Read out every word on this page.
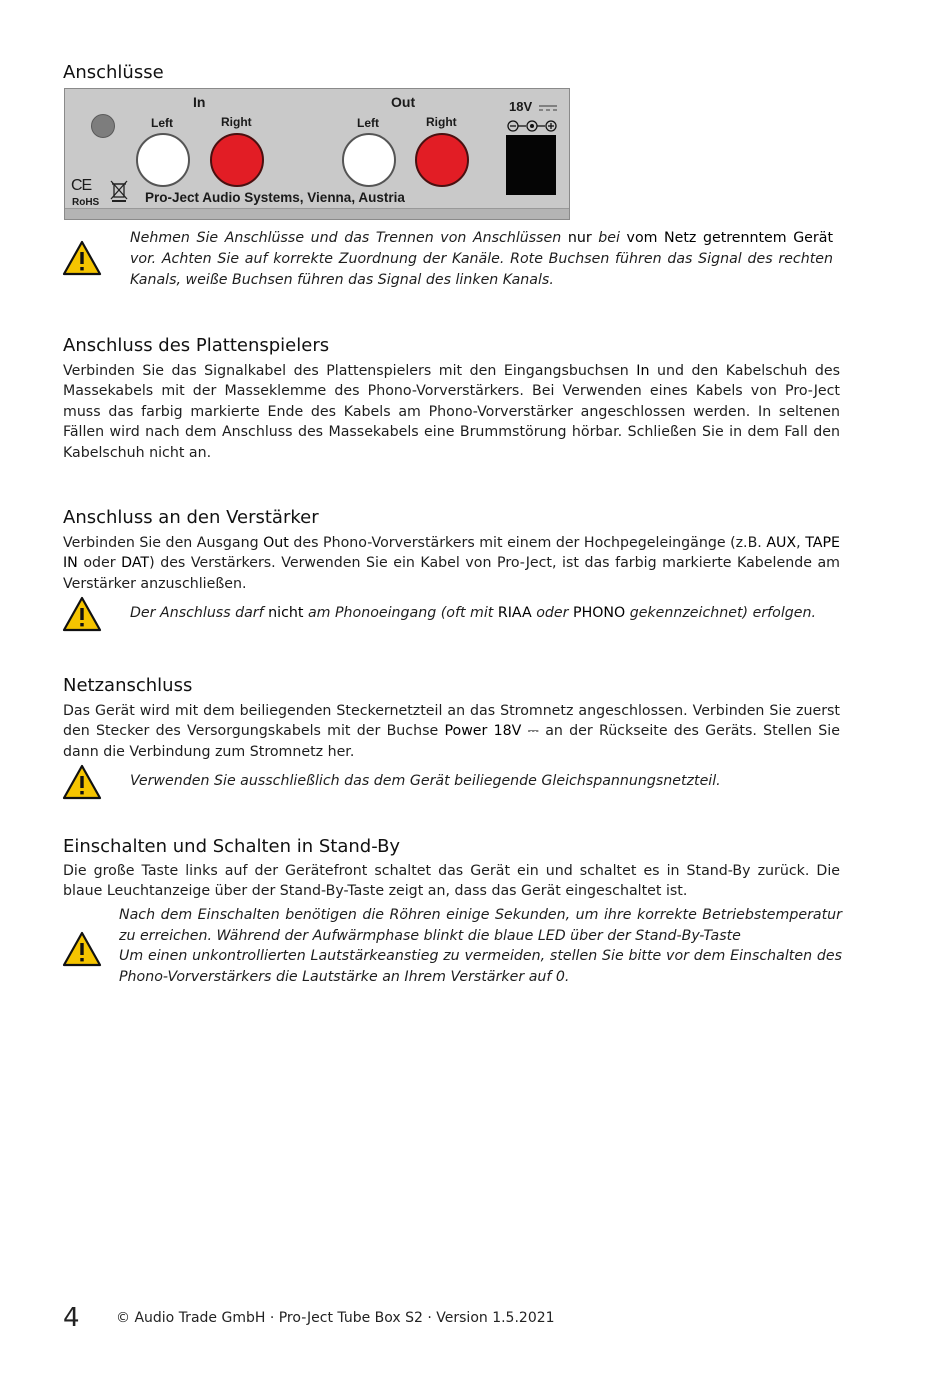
Anschlüsse
In	Out
Left	Right	Left	Right
18V
CE
RoHS	Pro-Ject Audio Systems, Vienna, Austria

Nehmen Sie Anschlüsse und das Trennen von Anschlüssen nur bei vom Netz getrenntem Gerät vor. Achten Sie auf korrekte Zuordnung der Kanäle. Rote Buchsen führen das Signal des rechten Kanals, weiße Buchsen führen das Signal des linken Kanals.

Anschluss des Plattenspielers

Verbinden Sie das Signalkabel des Plattenspielers mit den Eingangsbuchsen In und den Kabelschuh des Massekabels mit der Masseklemme des Phono-Vorverstärkers. Bei Verwenden eines Kabels von Pro-Ject muss das farbig markierte Ende des Kabels am Phono-Vorverstärker angeschlossen werden. In seltenen Fällen wird nach dem Anschluss des Massekabels eine Brummstörung hörbar. Schließen Sie in dem Fall den Kabelschuh nicht an.

Anschluss an den Verstärker

Verbinden Sie den Ausgang Out des Phono-Vorverstärkers mit einem der Hochpegeleingänge (z.B. AUX, TAPE IN oder DAT) des Verstärkers. Verwenden Sie ein Kabel von Pro-Ject, ist das farbig markierte Kabelende am Verstärker anzuschließen.

Der Anschluss darf nicht am Phonoeingang (oft mit RIAA oder PHONO gekennzeichnet) erfolgen.

Netzanschluss

Das Gerät wird mit dem beiliegenden Steckernetzteil an das Stromnetz angeschlossen. Verbinden Sie zuerst den Stecker des Versorgungskabels mit der Buchse Power 18V ⎓ an der Rückseite des Geräts. Stellen Sie dann die Verbindung zum Stromnetz her.

Verwenden Sie ausschließlich das dem Gerät beiliegende Gleichspannungsnetzteil.

Einschalten und Schalten in Stand-By

Die große Taste links auf der Gerätefront schaltet das Gerät ein und schaltet es in Stand-By zurück. Die blaue Leuchtanzeige über der Stand-By-Taste zeigt an, dass das Gerät eingeschaltet ist.

Nach dem Einschalten benötigen die Röhren einige Sekunden, um ihre korrekte Betriebstemperatur zu erreichen. Während der Aufwärmphase blinkt die blaue LED über der Stand-By-Taste

Um einen unkontrollierten Lautstärkeanstieg zu vermeiden, stellen Sie bitte vor dem Einschalten des Phono-Vorverstärkers die Lautstärke an Ihrem Verstärker auf 0.

4	© Audio Trade GmbH · Pro-Ject Tube Box S2 · Version 1.5.2021
